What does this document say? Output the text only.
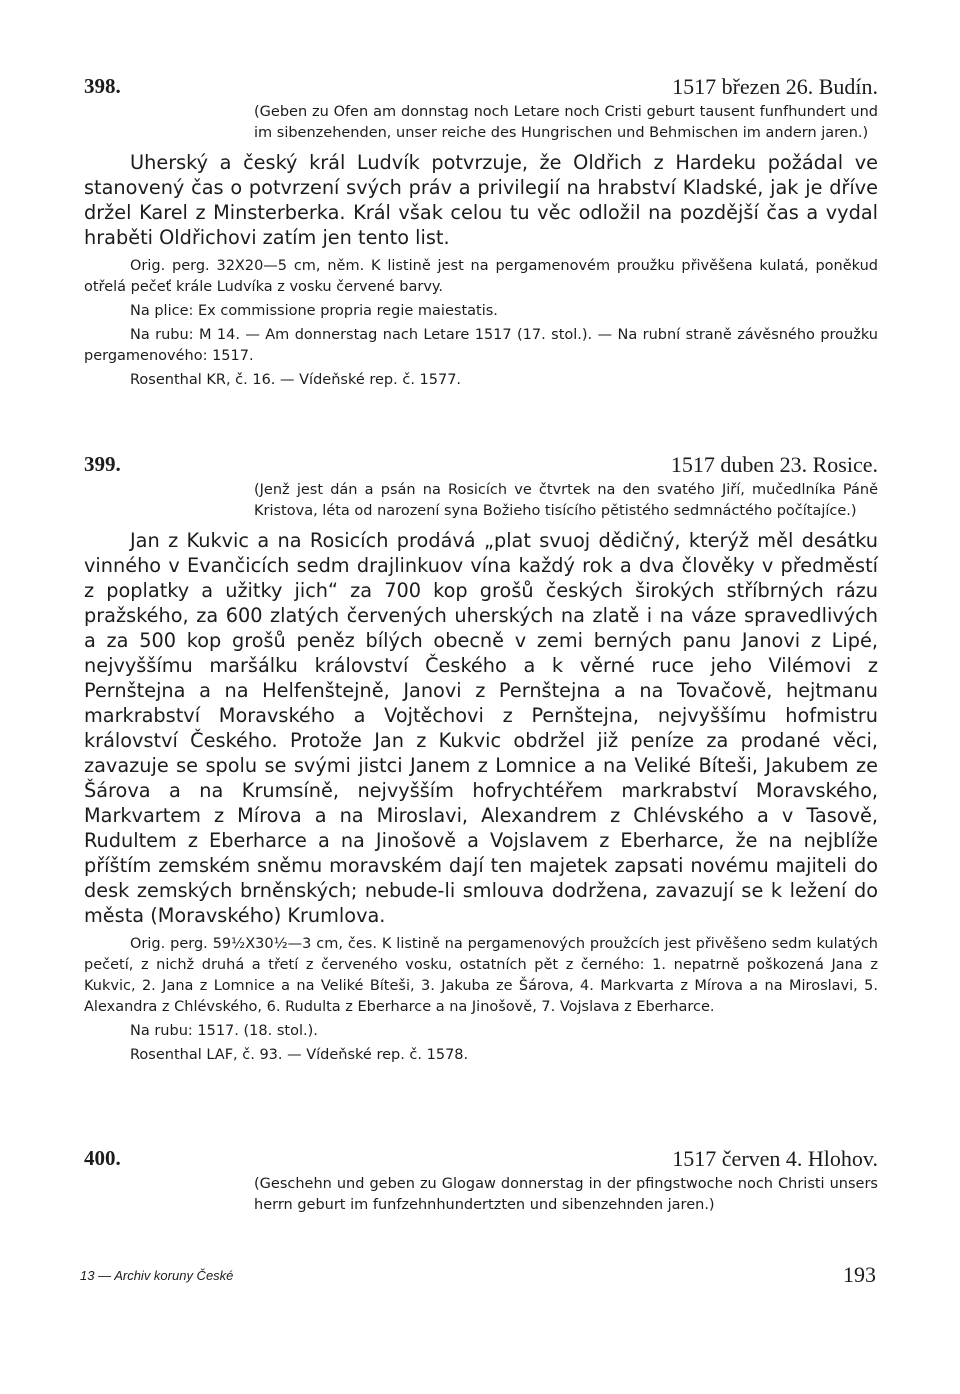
398.	1517 březen 26. Budín.

(Geben zu Ofen am donnstag noch Letare noch Cristi geburt tausent funfhundert und im sibenzehenden, unser reiche des Hungrischen und Behmischen im andern jaren.)

Uherský a český král Ludvík potvrzuje, že Oldřich z Hardeku požádal ve stanovený čas o potvrzení svých práv a privilegií na hrabství Kladské, jak je dříve držel Karel z Minsterberka. Král však celou tu věc odložil na pozdější čas a vydal hraběti Oldřichovi zatím jen tento list.

Orig. perg. 32X20—5 cm, něm. K listině jest na pergamenovém proužku přivěšena kulatá, poněkud otřelá pečeť krále Ludvíka z vosku červené barvy.

Na plice: Ex commissione propria regie maiestatis.

Na rubu: M 14. — Am donnerstag nach Letare 1517 (17. stol.). — Na rubní straně závěsného proužku pergamenového: 1517.

Rosenthal KR, č. 16. — Vídeňské rep. č. 1577.

399.	1517 duben 23. Rosice.

(Jenž jest dán a psán na Rosicích ve čtvrtek na den svatého Jiří, mučedlníka Páně Kristova, léta od narození syna Božieho tisícího pětistého sedmnáctého počítajíce.)

Jan z Kukvic a na Rosicích prodává „plat svuoj dědičný, kterýž měl desátku vinného v Evančicích sedm drajlinkuov vína každý rok a dva člověky v předměstí z poplatky a užitky jich“ za 700 kop grošů českých širokých stříbrných rázu pražského, za 600 zlatých červených uherských na zlatě i na váze spravedlivých a za 500 kop grošů peněz bílých obecně v zemi berných panu Janovi z Lipé, nejvyššímu maršálku království Českého a k věrné ruce jeho Vilémovi z Pernštejna a na Helfenštejně, Janovi z Pernštejna a na Tovačově, hejtmanu markrabství Moravského a Vojtěchovi z Pernštejna, nejvyššímu hofmistru království Českého. Protože Jan z Kukvic obdržel již peníze za prodané věci, zavazuje se spolu se svými jistci Janem z Lomnice a na Veliké Bíteši, Jakubem ze Šárova a na Krumsíně, nejvyšším hofrychtéřem markrabství Moravského, Markvartem z Mírova a na Miroslavi, Alexandrem z Chlévského a v Tasově, Rudultem z Eberharce a na Jinošově a Vojslavem z Eberharce, že na nejblíže příštím zemském sněmu moravském dají ten majetek zapsati novému majiteli do desk zemských brněnských; nebude-li smlouva dodržena, zavazují se k ležení do města (Moravského) Krumlova.

Orig. perg. 59½X30½—3 cm, čes. K listině na pergamenových proužcích jest přivěšeno sedm kulatých pečetí, z nichž druhá a třetí z červeného vosku, ostatních pět z černého: 1. nepatrně poškozená Jana z Kukvic, 2. Jana z Lomnice a na Veliké Bíteši, 3. Jakuba ze Šárova, 4. Markvarta z Mírova a na Miroslavi, 5. Alexandra z Chlévského, 6. Rudulta z Eberharce a na Jinošově, 7. Vojslava z Eberharce.

Na rubu: 1517. (18. stol.).

Rosenthal LAF, č. 93. — Vídeňské rep. č. 1578.

400.	1517 červen 4. Hlohov.

(Geschehn und geben zu Glogaw donnerstag in der pfingstwoche noch Christi unsers herrn geburt im funfzehnhundertzten und sibenzehnden jaren.)

13 — Archiv koruny České	193
